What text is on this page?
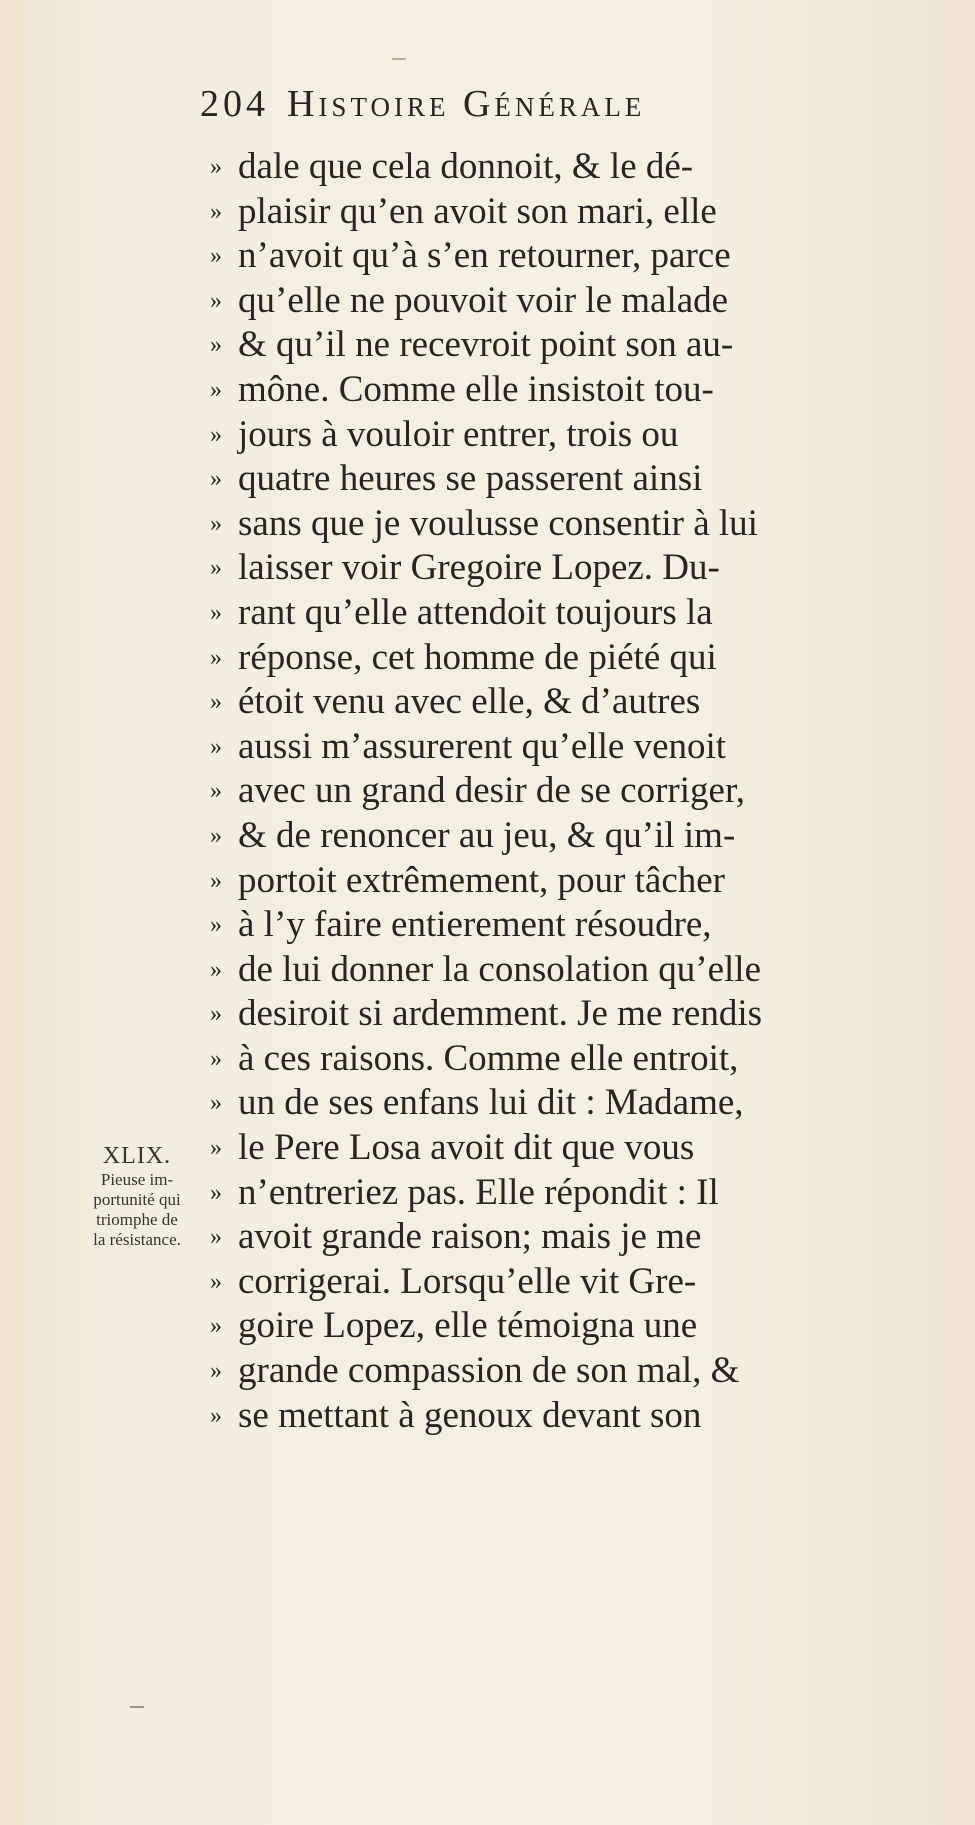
204 Histoire Générale
» dale que cela donnoit, & le dé-
» plaisir qu’en avoit son mari, elle
» n’avoit qu’à s’en retourner, parce
» qu’elle ne pouvoit voir le malade
» & qu’il ne recevroit point son au-
» mône. Comme elle insistoit tou-
» jours à vouloir entrer, trois ou
» quatre heures se passerent ainsi
» sans que je voulusse consentir à lui
» laisser voir Gregoire Lopez. Du-
» rant qu’elle attendoit toujours la
» réponse, cet homme de piété qui
» étoit venu avec elle, & d’autres
» aussi m’assurerent qu’elle venoit
» avec un grand desir de se corriger,
» & de renoncer au jeu, & qu’il im-
» portoit extrêmement, pour tâcher
» à l’y faire entierement résoudre,
» de lui donner la consolation qu’elle
» desiroit si ardemment. Je me rendis
» à ces raisons. Comme elle entroit,
» un de ses enfans lui dit : Madame,
» le Pere Losa avoit dit que vous
» n’entreriez pas. Elle répondit : Il
» avoit grande raison; mais je me
» corrigerai. Lorsqu’elle vit Gre-
» goire Lopez, elle témoigna une
» grande compassion de son mal, &
» se mettant à genoux devant son
XLIX.
Pieuse im-
portunité qui
triomphe de
la résistance.
